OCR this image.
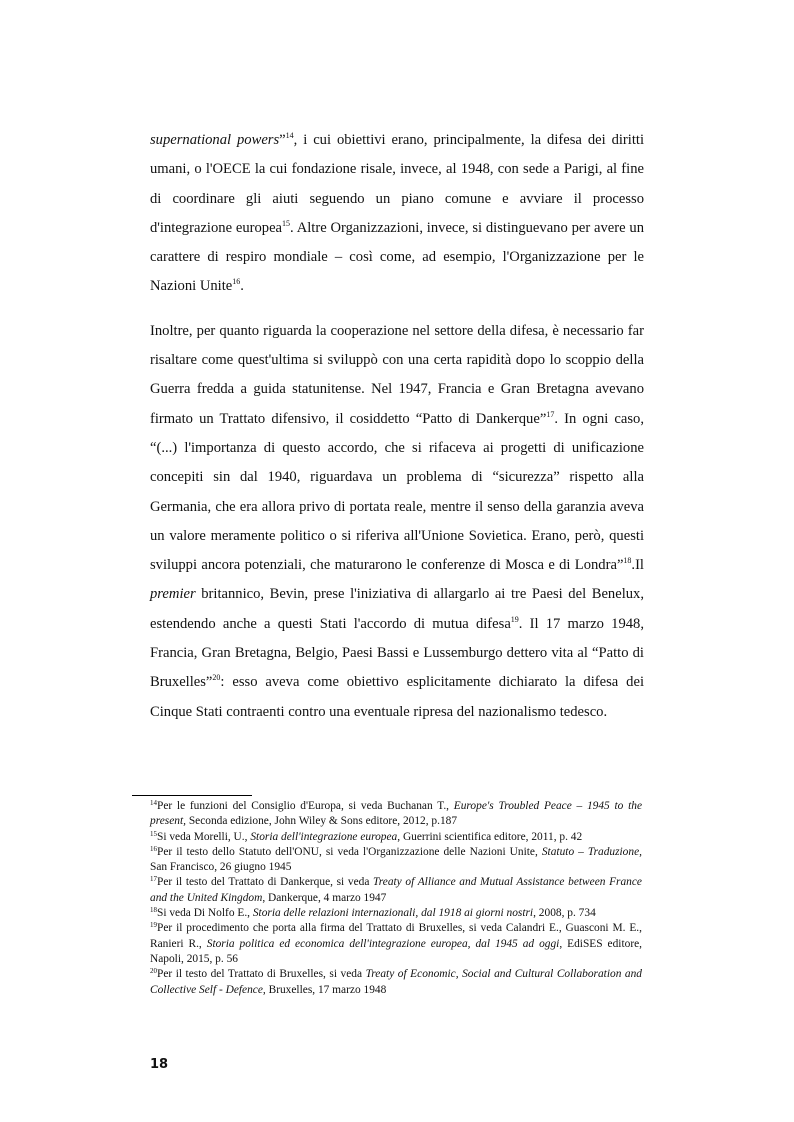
supernational powers”$^{14}$, i cui obiettivi erano, principalmente, la difesa dei diritti umani, o l'OECE la cui fondazione risale, invece, al 1948, con sede a Parigi, al fine di coordinare gli aiuti seguendo un piano comune e avviare il processo d'integrazione europea$^{15}$. Altre Organizzazioni, invece, si distinguevano per avere un carattere di respiro mondiale – così come, ad esempio, l'Organizzazione per le Nazioni Unite$^{16}$.

Inoltre, per quanto riguarda la cooperazione nel settore della difesa, è necessario far risaltare come quest'ultima si sviluppò con una certa rapidità dopo lo scoppio della Guerra fredda a guida statunitense. Nel 1947, Francia e Gran Bretagna avevano firmato un Trattato difensivo, il cosiddetto “Patto di Dankerque”$^{17}$. In ogni caso, “(...) l'importanza di questo accordo, che si rifaceva ai progetti di unificazione concepiti sin dal 1940, riguardava un problema di “sicurezza” rispetto alla Germania, che era allora privo di portata reale, mentre il senso della garanzia aveva un valore meramente politico o si riferiva all'Unione Sovietica. Erano, però, questi sviluppi ancora potenziali, che maturarono le conferenze di Mosca e di Londra”$^{18}$.Il premier britannico, Bevin, prese l'iniziativa di allargarlo ai tre Paesi del Benelux, estendendo anche a questi Stati l'accordo di mutua difesa$^{19}$. Il 17 marzo 1948, Francia, Gran Bretagna, Belgio, Paesi Bassi e Lussemburgo dettero vita al “Patto di Bruxelles”$^{20}$: esso aveva come obiettivo esplicitamente dichiarato la difesa dei Cinque Stati contraenti contro una eventuale ripresa del nazionalismo tedesco.

$^{14}$Per le funzioni del Consiglio d'Europa, si veda Buchanan T., Europe's Troubled Peace – 1945 to the present, Seconda edizione, John Wiley & Sons editore, 2012, p.187

$^{15}$Si veda Morelli, U., Storia dell'integrazione europea, Guerrini scientifica editore, 2011, p. 42

$^{16}$Per il testo dello Statuto dell'ONU, si veda l'Organizzazione delle Nazioni Unite, Statuto – Traduzione, San Francisco, 26 giugno 1945

$^{17}$Per il testo del Trattato di Dankerque, si veda Treaty of Alliance and Mutual Assistance between France and the United Kingdom, Dankerque, 4 marzo 1947

$^{18}$Si veda Di Nolfo E., Storia delle relazioni internazionali, dal 1918 ai giorni nostri, 2008, p. 734

$^{19}$Per il procedimento che porta alla firma del Trattato di Bruxelles, si veda Calandri E., Guasconi M. E., Ranieri R., Storia politica ed economica dell'integrazione europea, dal 1945 ad oggi, EdiSES editore, Napoli, 2015, p. 56

$^{20}$Per il testo del Trattato di Bruxelles, si veda Treaty of Economic, Social and Cultural Collaboration and Collective Self - Defence, Bruxelles, 17 marzo 1948

18
